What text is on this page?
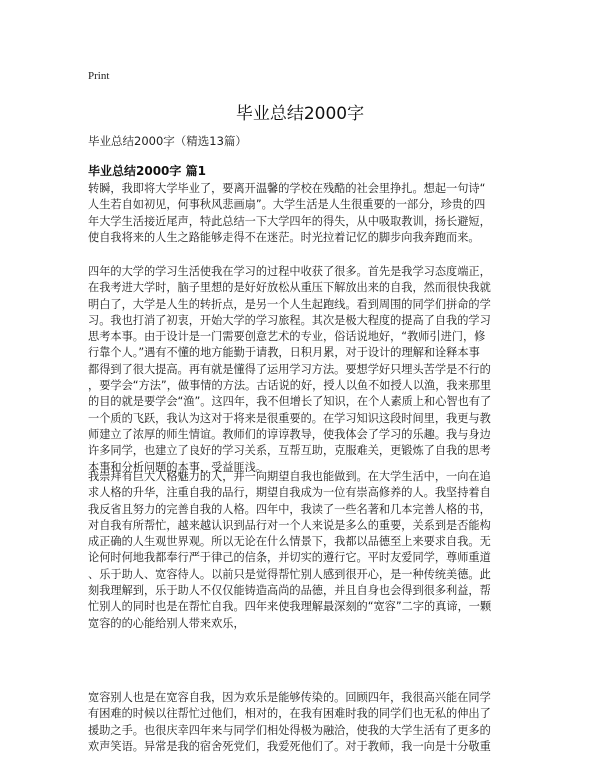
Print
毕业总结2000字
毕业总结2000字（精选13篇）
毕业总结2000字 篇1

转瞬，我即将大学毕业了，要离开温馨的学校在残酷的社会里挣扎。想起一句诗“

人生若自如初见，何事秋风悲画扇”。大学生活是人生很重要的一部分，珍贵的四

年大学生活接近尾声，特此总结一下大学四年的得失，从中吸取教训，扬长避短，

使自我将来的人生之路能够走得不在迷茫。时光拉着记忆的脚步向我奔跑而来。

四年的大学的学习生活使我在学习的过程中收获了很多。首先是我学习态度端正，

在我考进大学时，脑子里想的是好好放松从重压下解放出来的自我，然而很快我就

明白了，大学是人生的转折点，是另一个人生起跑线。看到周围的同学们拼命的学

习。我也打消了初衷，开始大学的学习旅程。其次是极大程度的提高了自我的学习

思考本事。由于设计是一门需要创意艺术的专业，俗话说地好，“教师引进门，修

行靠个人。”遇有不懂的地方能勤于请教，日积月累，对于设计的理解和诠释本事

都得到了很大提高。再有就是懂得了运用学习方法。要想学好只埋头苦学是不行的

，要学会“方法”，做事情的方法。古话说的好，授人以鱼不如授人以渔，我来那里

的目的就是要学会“渔”。这四年，我不但增长了知识，在个人素质上和心智也有了

一个质的飞跃，我认为这对于将来是很重要的。在学习知识这段时间里，我更与教

师建立了浓厚的师生情谊。教师们的谆谆教导，使我体会了学习的乐趣。我与身边

许多同学，也建立了良好的学习关系，互帮互助，克服难关，更锻炼了自我的思考

本事和分析问题的本事，受益匪浅。

我崇拜有巨大人格魅力的人，并一向期望自我也能做到。在大学生活中，一向在追

求人格的升华，注重自我的品行，期望自我成为一位有崇高修养的人。我坚持着自

我反省且努力的完善自我的人格。四年中，我读了一些名著和几本完善人格的书，

对自我有所帮忙，越来越认识到品行对一个人来说是多么的重要，关系到是否能构

成正确的人生观世界观。所以无论在什么情景下，我都以品德至上来要求自我。无

论何时何地我都奉行严于律己的信条，并切实的遵行它。平时友爱同学，尊师重道

、乐于助人、宽容待人。以前只是觉得帮忙别人感到很开心，是一种传统美德。此

刻我理解到，乐于助人不仅仅能铸造高尚的品德，并且自身也会得到很多利益，帮

忙别人的同时也是在帮忙自我。四年来使我理解最深刻的“宽容”二字的真谛，一颗

宽容的的心能给别人带来欢乐，

宽容别人也是在宽容自我，因为欢乐是能够传染的。回顾四年，我很高兴能在同学

有困难的时候以往帮忙过他们，相对的，在我有困难时我的同学们也无私的伸出了

援助之手。也很庆幸四年来与同学们相处得极为融洽，使我的大学生活有了更多的

欢声笑语。异常是我的宿舍死党们，我爱死他们了。对于教师，我一向是十分敬重
